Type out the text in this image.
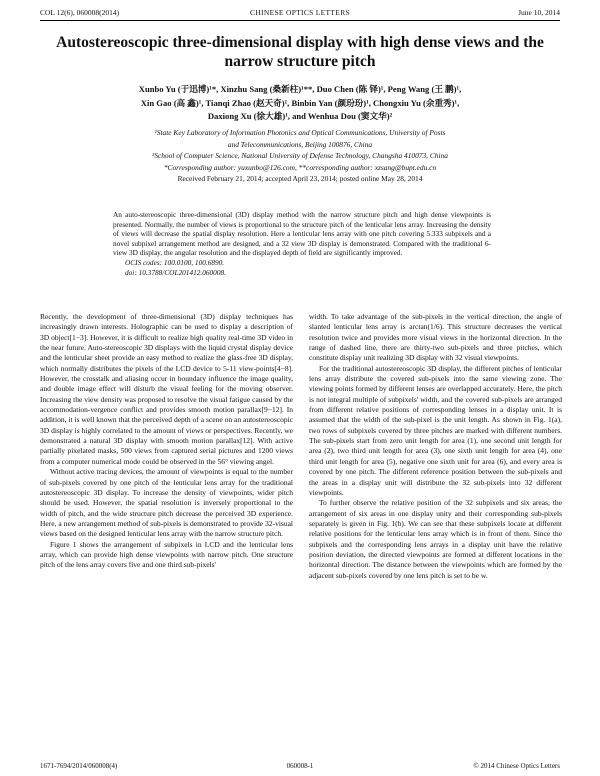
COL 12(6), 060008(2014)	CHINESE OPTICS LETTERS	June 10, 2014
Autostereoscopic three-dimensional display with high dense views and the narrow structure pitch
Xunbo Yu (于迅博)¹*, Xinzhu Sang (桑新柱)¹**, Duo Chen (陈 铎)¹, Peng Wang (王 鹏)¹,
Xin Gao (高 鑫)¹, Tianqi Zhao (赵天奇)¹, Binbin Yan (颜玢玢)¹, Chongxiu Yu (余重秀)¹,
Daxiong Xu (徐大雄)¹, and Wenhua Dou (窦文华)²

¹State Key Laboratory of Information Photonics and Optical Communications, University of Posts

and Telecommunications, Beijing 100876, China

²School of Computer Science, National University of Defense Technology, Changsha 410073, China

*Corresponding author: yuxunbo@126.com, **corresponding author: xzsang@bupt.edu.cn

Received February 21, 2014; accepted April 23, 2014; posted online May 28, 2014

An auto-stereoscopic three-dimensional (3D) display method with the narrow structure pitch and high dense viewpoints is presented. Normally, the number of views is proportional to the structure pitch of the lenticular lens array. Increasing the density of views will decrease the spatial display resolution. Here a lenticular lens array with one pitch covering 5.333 subpixels and a novel subpixel arrangement method are designed, and a 32 view 3D display is demonstrated. Compared with the traditional 6-view 3D display, the angular resolution and the displayed depth of field are significantly improved.

OCIS codes: 100.0100, 100.6890.

doi: 10.3788/COL201412.060008.

Recently, the development of three-dimensional (3D) display techniques has increasingly drawn interests. Holographic can be used to display a description of 3D object[1−3]. However, it is difficult to realize high quality real-time 3D video in the near future. Auto-stereoscopic 3D displays with the liquid crystal display device and the lenticular sheet provide an easy method to realize the glass-free 3D display, which normally distributes the pixels of the LCD device to 5-11 view-points[4−8]. However, the crosstalk and aliasing occur in boundary influence the image quality, and double image effect will disturb the visual feeling for the moving observer. Increasing the view density was proposed to resolve the visual fatigue caused by the accommodation-vergence conflict and provides smooth motion parallax[9−12]. In addition, it is well known that the perceived depth of a scene on an autostereoscopic 3D display is highly correlated to the amount of views or perspectives. Recently, we demonstrated a natural 3D display with smooth motion parallax[12]. With active partially pixelated masks, 500 views from captured serial pictures and 1200 views from a computer numerical mode could be observed in the 56° viewing angel.

Without active tracing devices, the amount of viewpoints is equal to the number of sub-pixels covered by one pitch of the lenticular lens array for the traditional autostereoscopic 3D display. To increase the density of viewpoints, wider pitch should be used. However, the spatial resolution is inversely proportional to the width of pitch, and the wide structure pitch decrease the perceived 3D experience. Here, a new arrangement method of sub-pixels is demonstrated to provide 32-visual views based on the designed lenticular lens array with the narrow structure pitch.

Figure 1 shows the arrangement of subpixels in LCD and the lenticular lens array, which can provide high dense viewpoints with narrow pitch. One structure pitch of the lens array covers five and one third sub-pixels'

width. To take advantage of the sub-pixels in the vertical direction, the angle of slanted lenticular lens array is arctan(1/6). This structure decreases the vertical resolution twice and provides more visual views in the horizontal direction. In the range of dashed line, there are thirty-two sub-pixels and three pitches, which constitute display unit realizing 3D display with 32 visual viewpoints.

For the traditional autostereoscopic 3D display, the different pitches of lenticular lens array distribute the covered sub-pixels into the same viewing zone. The viewing points formed by different lenses are overlapped accurately. Here, the pitch is not integral multiple of subpixels' width, and the covered sub-pixels are arranged from different relative positions of corresponding lenses in a display unit. It is assumed that the width of the sub-pixel is the unit length. As shown in Fig. 1(a), two rows of subpixels covered by three pitches are marked with different numbers. The sub-pixels start from zero unit length for area (1), one second unit length for area (2), two third unit length for area (3), one sixth unit length for area (4), one third unit length for area (5), negative one sixth unit for area (6), and every area is covered by one pitch. The different reference position between the sub-pixels and the areas in a display unit will distribute the 32 sub-pixels into 32 different viewpoints.

To further observe the relative position of the 32 subpixels and six areas, the arrangement of six areas in one display unity and their corresponding sub-pixels separately is given in Fig. 1(b). We can see that these subpixels locate at different relative positions for the lenticular lens array which is in front of them. Since the subpixels and the corresponding lens arrays in a display unit have the relative position deviation, the directed viewpoints are formed at different locations in the horizontal direction. The distance between the viewpoints which are formed by the adjacent sub-pixels covered by one lens pitch is set to be w.

1671-7694/2014/060008(4)	060008-1	© 2014 Chinese Optics Letters
